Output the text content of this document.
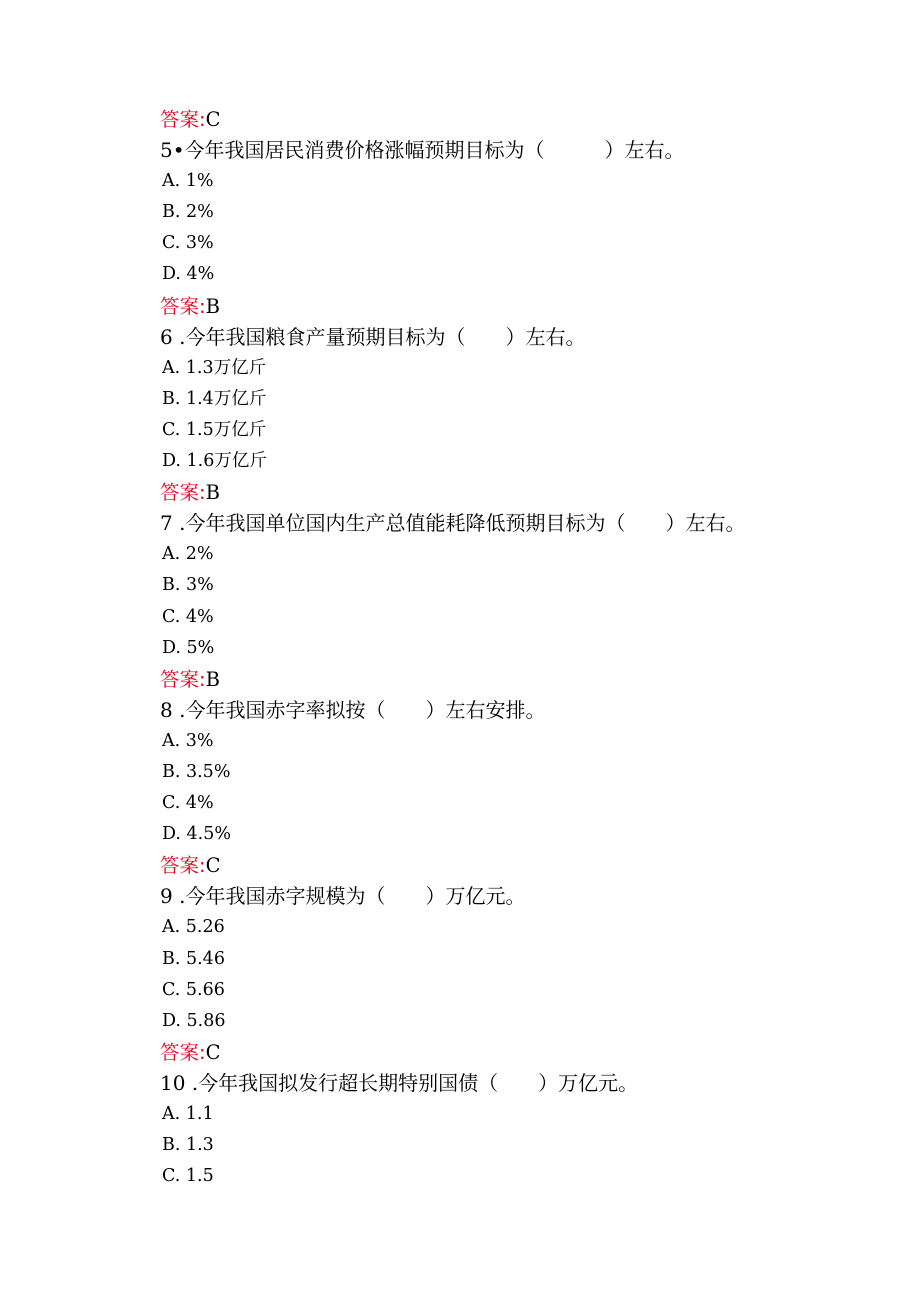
答案:C
5•今年我国居民消费价格涨幅预期目标为（　　　）左右。
A. 1%
B. 2%
C. 3%
D. 4%
答案:B
6 .今年我国粮食产量预期目标为（　　）左右。
A. 1.3万亿斤
B. 1.4万亿斤
C. 1.5万亿斤
D. 1.6万亿斤
答案:B
7 .今年我国单位国内生产总值能耗降低预期目标为（　　）左右。
A. 2%
B. 3%
C. 4%
D. 5%
答案:B
8 .今年我国赤字率拟按（　　）左右安排。
A. 3%
B. 3.5%
C. 4%
D. 4.5%
答案:C
9 .今年我国赤字规模为（　　）万亿元。
A. 5.26
B. 5.46
C. 5.66
D. 5.86
答案:C
10 .今年我国拟发行超长期特别国债（　　）万亿元。
A. 1.1
B. 1.3
C. 1.5
